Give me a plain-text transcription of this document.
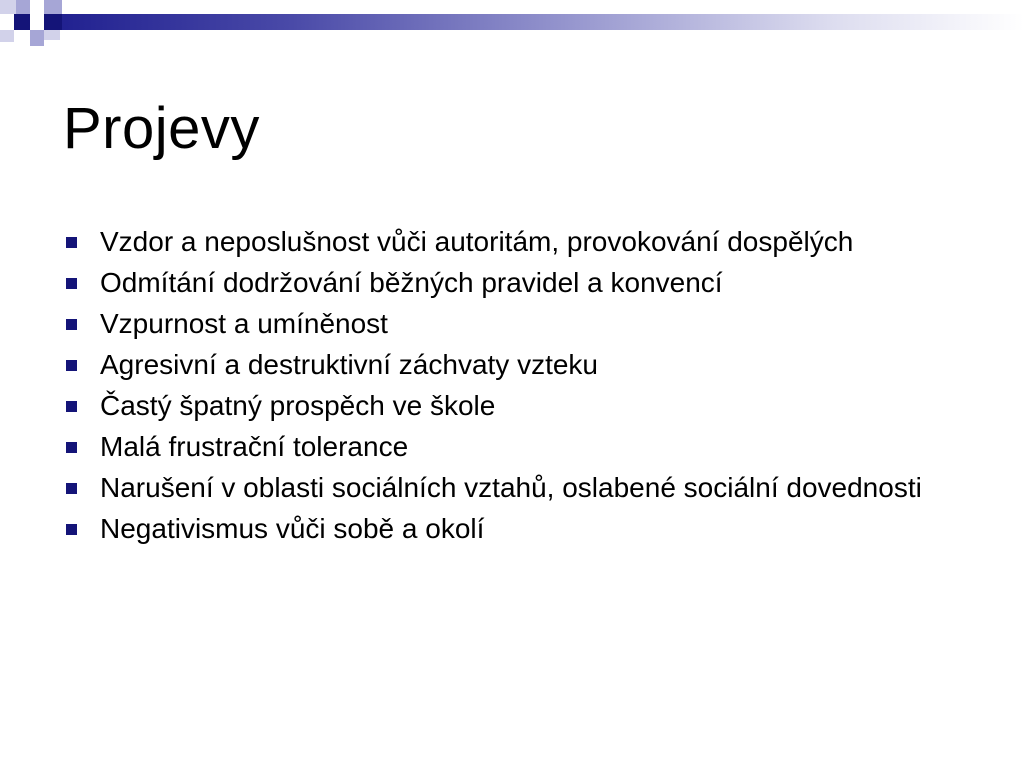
Projevy
Vzdor a neposlušnost vůči autoritám, provokování dospělých
Odmítání dodržování běžných pravidel a konvencí
Vzpurnost a umíněnost
Agresivní a destruktivní záchvaty vzteku
Častý špatný prospěch ve škole
Malá frustrační tolerance
Narušení v oblasti sociálních vztahů, oslabené sociální dovednosti
Negativismus vůči sobě a okolí
